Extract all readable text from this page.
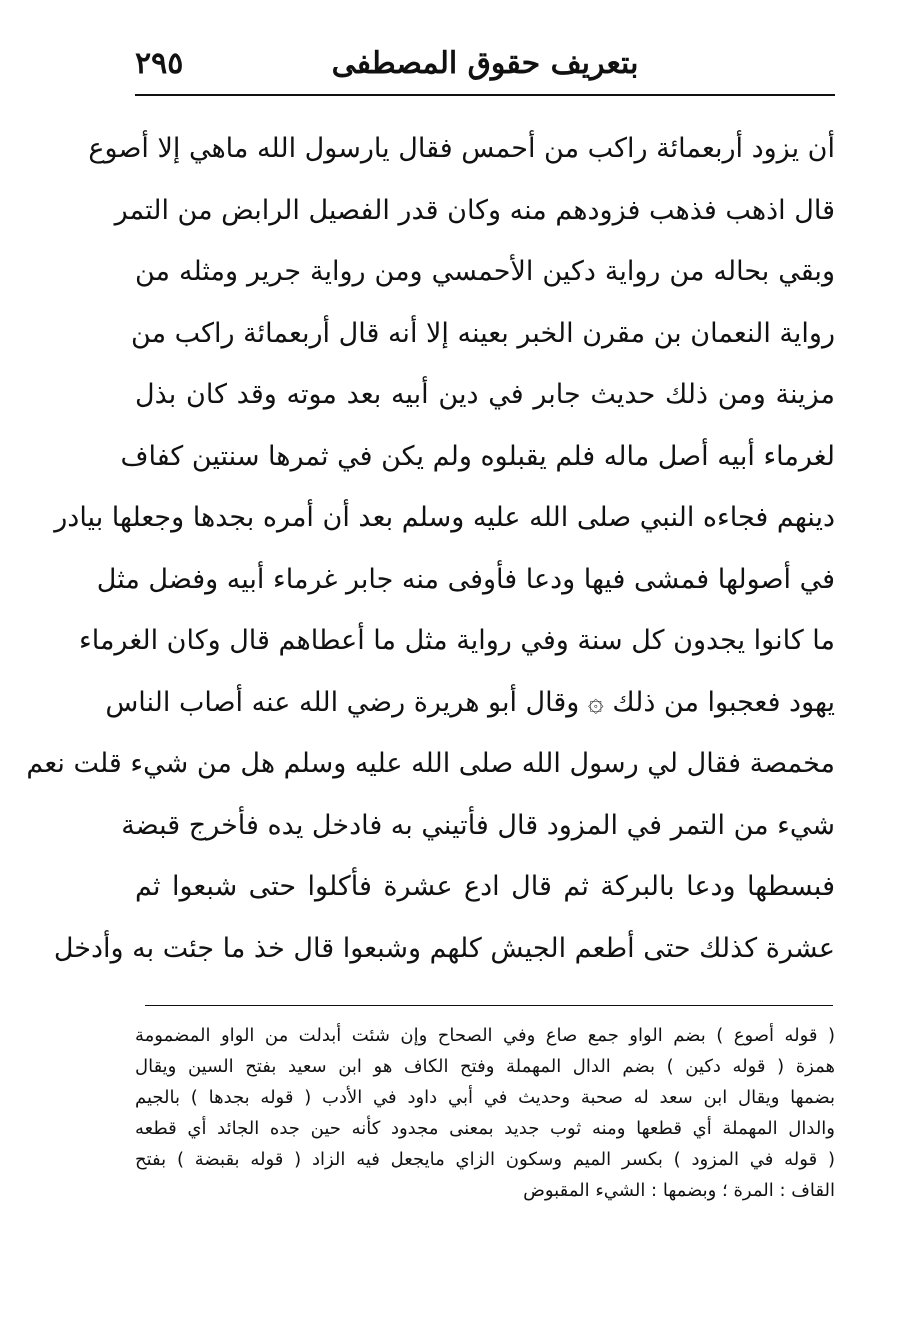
بتعريف حقوق المصطفى
٢٩٥
أن يزود أربعمائة راكب من أحمس فقال يارسول الله ماهي إلا أصوع
قال اذهب فذهب فزودهم منه وكان قدر الفصيل الرابض من التمر
وبقي بحاله من رواية دكين الأحمسي ومن رواية جرير ومثله من
رواية النعمان بن مقرن الخبر بعينه إلا أنه قال أربعمائة راكب من
مزينة ومن ذلك حديث جابر في دين أبيه بعد موته وقد كان بذل
لغرماء أبيه أصل ماله فلم يقبلوه ولم يكن في ثمرها سنتين كفاف
دينهم فجاءه النبي صلى الله عليه وسلم بعد أن أمره بجدها وجعلها بيادر
في أصولها فمشى فيها ودعا فأوفى منه جابر غرماء أبيه وفضل مثل
ما كانوا يجدون كل سنة وفي رواية مثل ما أعطاهم قال وكان الغرماء
يهود فعجبوا من ذلك ۞ وقال أبو هريرة رضي الله عنه أصاب الناس
مخمصة فقال لي رسول الله صلى الله عليه وسلم هل من شيء قلت نعم
شيء من التمر في المزود قال فأتيني به فادخل يده فأخرج قبضة
فبسطها ودعا بالبركة ثم قال ادع عشرة فأكلوا حتى شبعوا ثم
عشرة كذلك حتى أطعم الجيش كلهم وشبعوا قال خذ ما جئت به وأدخل
( قوله أصوع ) بضم الواو جمع صاع وفي الصحاح وإن شئت أبدلت من الواو المضمومة
همزة ( قوله دكين ) بضم الدال المهملة وفتح الكاف هو ابن سعيد بفتح السين ويقال
بضمها ويقال ابن سعد له صحبة وحديث في أبي داود في الأدب ( قوله بجدها ) بالجيم
والدال المهملة أي قطعها ومنه ثوب جديد بمعنى مجدود كأنه حين جده الجائد أي قطعه
( قوله في المزود ) بكسر الميم وسكون الزاي مايجعل فيه الزاد ( قوله بقبضة ) بفتح
القاف : المرة ؛ وبضمها : الشيء المقبوض
